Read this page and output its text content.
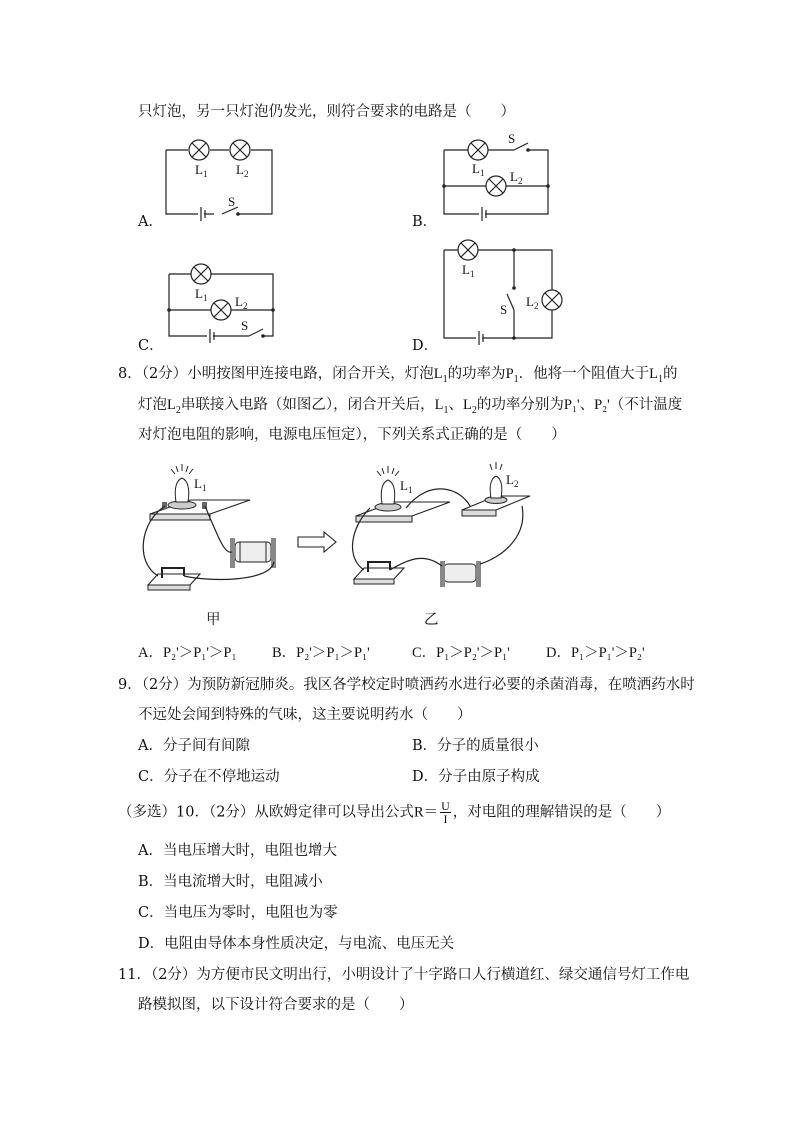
只灯泡，另一只灯泡仍发光，则符合要求的电路是（　　）
$L_1$ $L_2$
S
A．
S
$L_1$ $L_2$
B．
$L_1$ $L_2$
S
C．
$L_1$
S
$L_2$
D．
8．（2分）小明按图甲连接电路，闭合开关，灯泡$L_1$的功率为$P_1$．他将一个阻值大于$L_1$的
灯泡$L_2$串联接入电路（如图乙），闭合开关后，$L_1$、$L_2$的功率分别为P₁'、P₂'（不计温度
对灯泡电阻的影响，电源电压恒定），下列关系式正确的是（　　）
$L_1$
甲
$L_1$
$L_2$
乙
A．P₂'＞P₁'＞P₁ B．P₂'＞P₁＞P₁'	C．P₁＞P₂'＞P₁' D．P₁＞P₁'＞P₂'
9．（2分）为预防新冠肺炎。我区各学校定时喷洒药水进行必要的杀菌消毒，在喷洒药水时
不远处会闻到特殊的气味，这主要说明药水（　　）
A．分子间有间隙	B．分子的质量很小
C．分子在不停地运动	D．分子由原子构成
（多选）10．（2分）从欧姆定律可以导出公式$R= \frac{U}{I}$ ，对电阻的理解错误的是（　　）
A．当电压增大时，电阻也增大
B．当电流增大时，电阻减小
C．当电压为零时，电阻也为零
D．电阻由导体本身性质决定，与电流、电压无关
11．（2分）为方便市民文明出行，小明设计了十字路口人行横道红、绿交通信号灯工作电
路模拟图，以下设计符合要求的是（　　）
